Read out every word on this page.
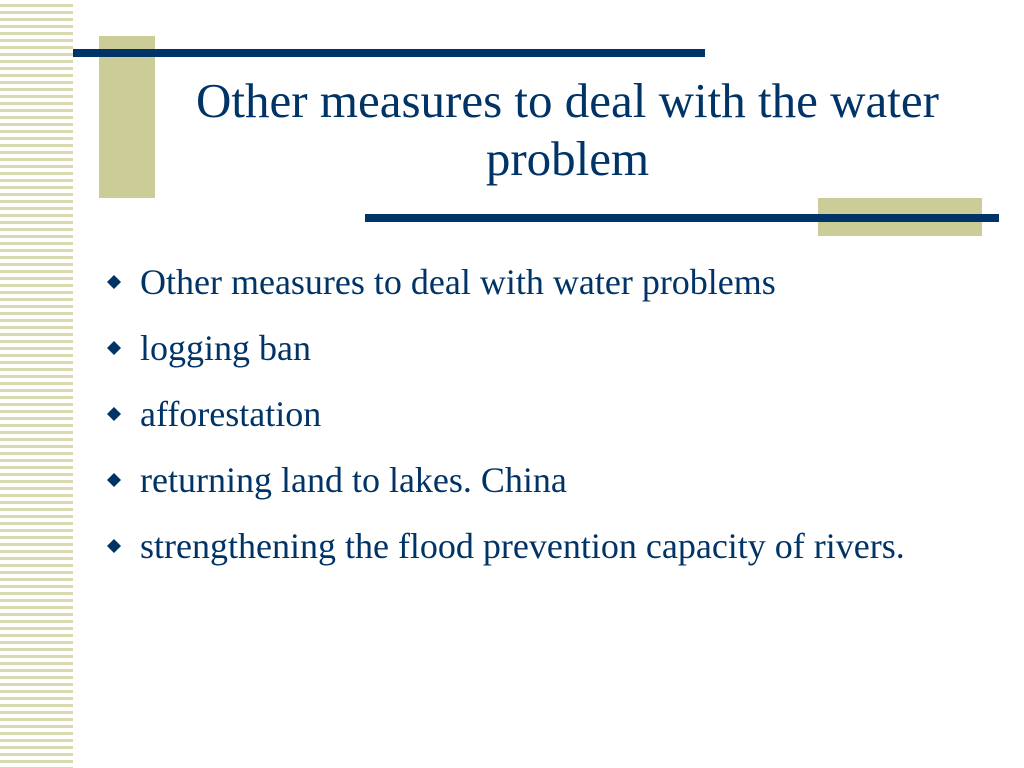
Other measures to deal with the water problem
Other measures to deal with water problems
logging ban
afforestation
returning land to lakes. China
strengthening the flood prevention capacity of rivers.
